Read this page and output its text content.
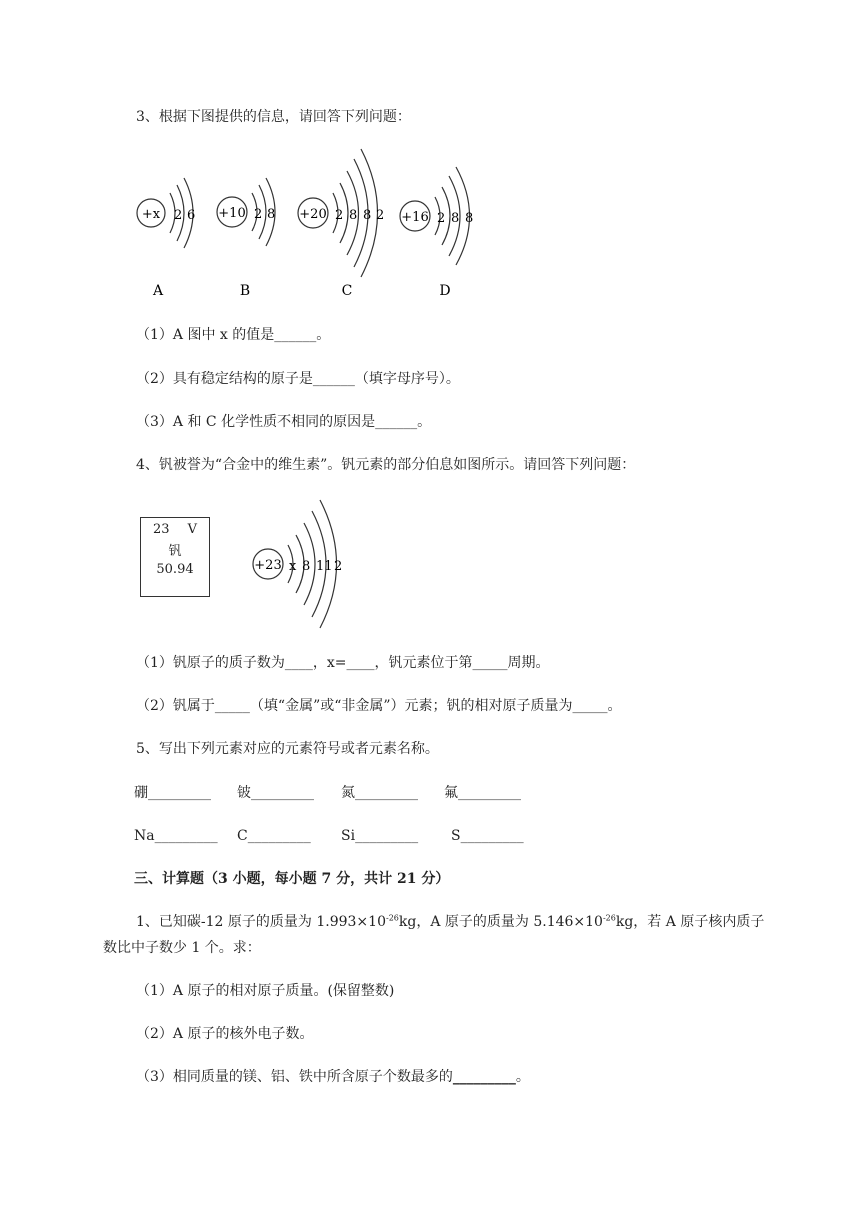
3、根据下图提供的信息，请回答下列问题：
+x 2 6
A
+10 2 8
B
+20 2 8 8 2
C
+16 2 8 8
D
（1）A 图中 x 的值是______。
（2）具有稳定结构的原子是______（填字母序号）。
（3）A 和 C 化学性质不相同的原因是______。
4、钒被誉为“合金中的维生素”。钒元素的部分伯息如图所示。请回答下列问题：
23 V
钒
50.94	+23 x 8 11 2
（1）钒原子的质子数为____，x=____，钒元素位于第_____周期。
（2）钒属于_____（填“金属”或“非金属”）元素；钒的相对原子质量为_____。
5、写出下列元素对应的元素符号或者元素名称。
硼_________ 铍_________ 氮_________ 氟_________
Na_________ C_________ Si_________ S_________
三、计算题（3 小题，每小题 7 分，共计 21 分）
1、已知碳-12 原子的质量为 $1.993\times 10^{-26}kg$，A 原子的质量为 $5.146\times 10^{-26}kg$，若 A 原子核内质子
数比中子数少 1 个。求：
（1）A 原子的相对原子质量。(保留整数)
（2）A 原子的核外电子数。
（3）相同质量的镁、铝、铁中所含原子个数最多的_________。
